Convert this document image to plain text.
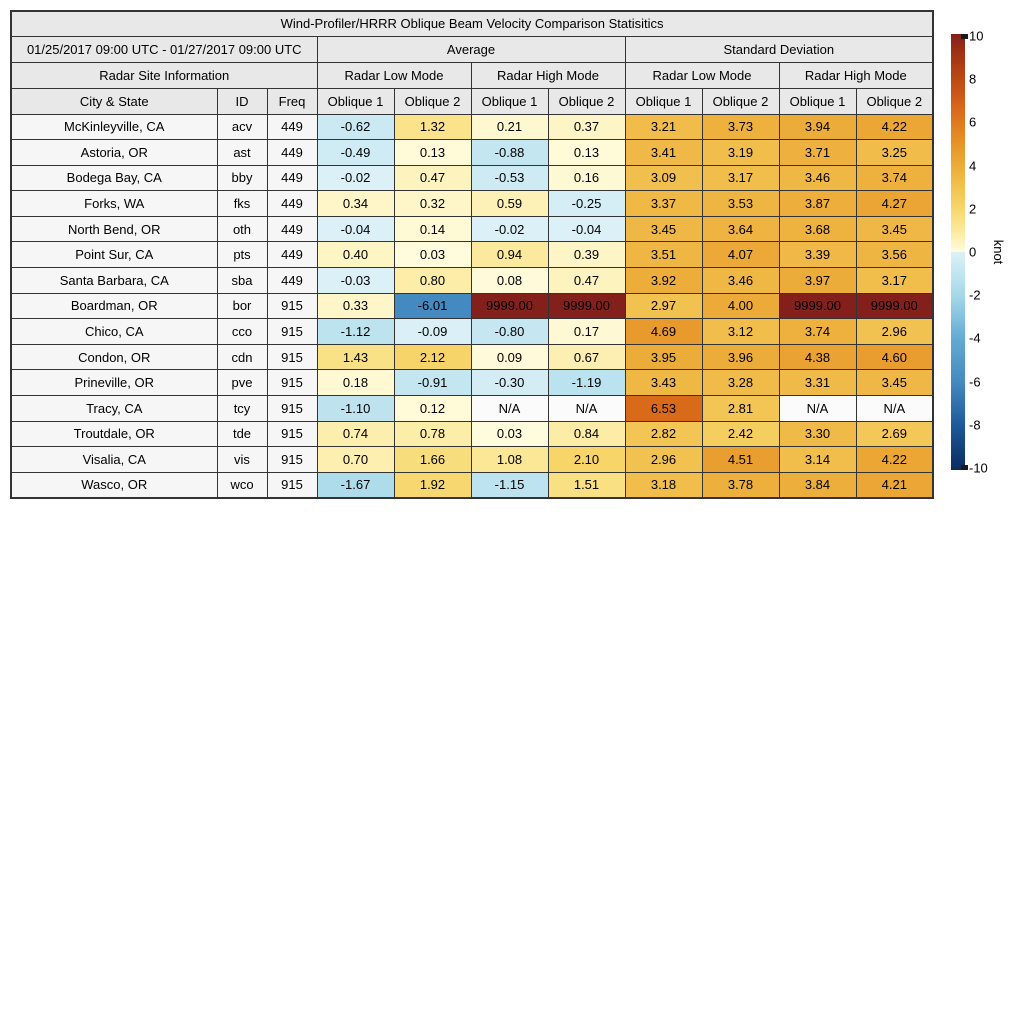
Wind-Profiler/HRRR Oblique Beam Velocity Comparison Statisitics										
01/25/2017 09:00 UTC - 01/27/2017 09:00 UTC			Average				Standard Deviation			
Radar Site Information			Radar Low Mode		Radar High Mode		Radar Low Mode		Radar High Mode	
City & State	ID	Freq	Oblique 1	Oblique 2	Oblique 1	Oblique 2	Oblique 1	Oblique 2	Oblique 1	Oblique 2
McKinleyville, CA	acv	449	-0.62	1.32	0.21	0.37	3.21	3.73	3.94	4.22
Astoria, OR	ast	449	-0.49	0.13	-0.88	0.13	3.41	3.19	3.71	3.25
Bodega Bay, CA	bby	449	-0.02	0.47	-0.53	0.16	3.09	3.17	3.46	3.74
Forks, WA	fks	449	0.34	0.32	0.59	-0.25	3.37	3.53	3.87	4.27
North Bend, OR	oth	449	-0.04	0.14	-0.02	-0.04	3.45	3.64	3.68	3.45
Point Sur, CA	pts	449	0.40	0.03	0.94	0.39	3.51	4.07	3.39	3.56
Santa Barbara, CA	sba	449	-0.03	0.80	0.08	0.47	3.92	3.46	3.97	3.17
Boardman, OR	bor	915	0.33	-6.01	9999.00	9999.00	2.97	4.00	9999.00	9999.00
Chico, CA	cco	915	-1.12	-0.09	-0.80	0.17	4.69	3.12	3.74	2.96
Condon, OR	cdn	915	1.43	2.12	0.09	0.67	3.95	3.96	4.38	4.60
Prineville, OR	pve	915	0.18	-0.91	-0.30	-1.19	3.43	3.28	3.31	3.45
Tracy, CA	tcy	915	-1.10	0.12	N/A	N/A	6.53	2.81	N/A	N/A
Troutdale, OR	tde	915	0.74	0.78	0.03	0.84	2.82	2.42	3.30	2.69
Visalia, CA	vis	915	0.70	1.66	1.08	2.10	2.96	4.51	3.14	4.22
Wasco, OR	wco	915	-1.67	1.92	-1.15	1.51	3.18	3.78	3.84	4.21
10
8
6
4
2
0
-2
-4
-6
-8
-10
knot
